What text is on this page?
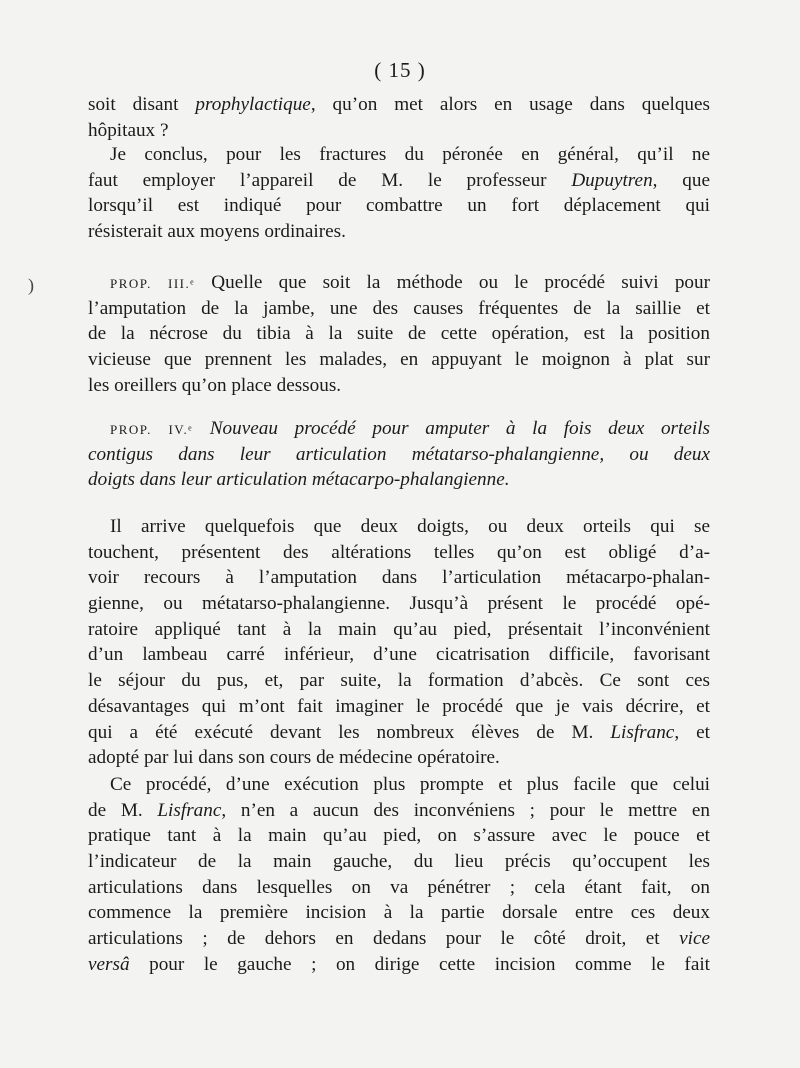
( 15 )
)
soit disant prophylactique, qu’on met alors en usage dans quelques
hôpitaux ?
Je conclus, pour les fractures du péronée en général, qu’il ne
faut employer l’appareil de M. le professeur Dupuytren, que
lorsqu’il est indiqué pour combattre un fort déplacement qui
résisterait aux moyens ordinaires.
PROP. III.ᵉ Quelle que soit la méthode ou le procédé suivi pour
l’amputation de la jambe, une des causes fréquentes de la saillie et
de la nécrose du tibia à la suite de cette opération, est la position
vicieuse que prennent les malades, en appuyant le moignon à plat sur
les oreillers qu’on place dessous.
PROP. IV.ᵉ Nouveau procédé pour amputer à la fois deux orteils
contigus dans leur articulation métatarso-phalangienne, ou deux
doigts dans leur articulation métacarpo-phalangienne.
Il arrive quelquefois que deux doigts, ou deux orteils qui se
touchent, présentent des altérations telles qu’on est obligé d’a-
voir recours à l’amputation dans l’articulation métacarpo-phalan-
gienne, ou métatarso-phalangienne. Jusqu’à présent le procédé opé-
ratoire appliqué tant à la main qu’au pied, présentait l’inconvénient
d’un lambeau carré inférieur, d’une cicatrisation difficile, favorisant
le séjour du pus, et, par suite, la formation d’abcès. Ce sont ces
désavantages qui m’ont fait imaginer le procédé que je vais décrire, et
qui a été exécuté devant les nombreux élèves de M. Lisfranc, et
adopté par lui dans son cours de médecine opératoire.
Ce procédé, d’une exécution plus prompte et plus facile que celui
de M. Lisfranc, n’en a aucun des inconvéniens ; pour le mettre en
pratique tant à la main qu’au pied, on s’assure avec le pouce et
l’indicateur de la main gauche, du lieu précis qu’occupent les
articulations dans lesquelles on va pénétrer ; cela étant fait, on
commence la première incision à la partie dorsale entre ces deux
articulations ; de dehors en dedans pour le côté droit, et vice
versâ pour le gauche ; on dirige cette incision comme le fait
